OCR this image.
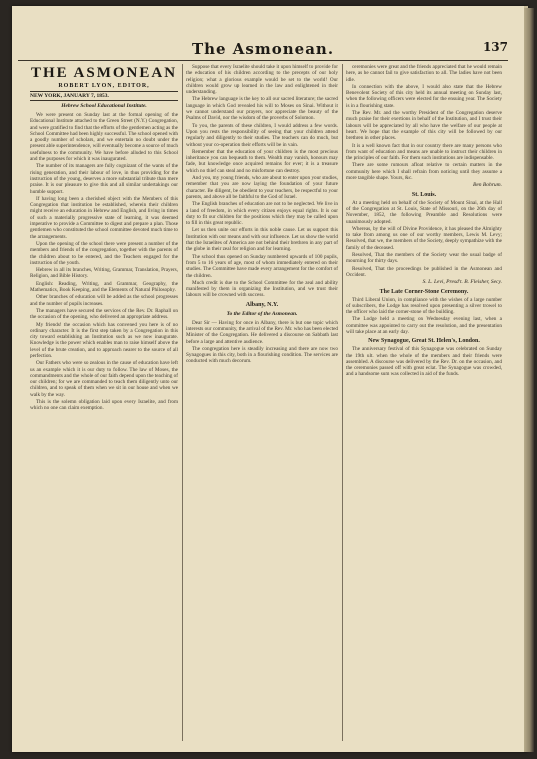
The Asmonean.	137
THE ASMONEAN
ROBERT LYON, EDITOR,
NEW YORK, JANUARY 7, 1853.
Hebrew School Educational Institute.

We were present on Sunday last at the formal opening of the Educational Institute attached to the Green Street (N.Y.) Congregation, and were gratified to find that the efforts of the gentlemen acting as the School Committee had been highly successful. The school opened with a goodly number of scholars, and we entertain no doubt under the present able superintendence, will eventually become a source of much usefulness to the community. We have before alluded to this School and the purposes for which it was inaugurated.

The number of its managers are fully cognizant of the wants of the rising generation, and their labour of love, in thus providing for the instruction of the young, deserves a more substantial tribute than mere praise. It is our pleasure to give this and all similar undertakings our humble support.

If having long been a cherished object with the Members of this Congregation that institution be established, wherein their children might receive an education in Hebrew and English, and living in times of such a materially progressive state of learning, it was deemed imperative to provide a Committee to digest and prepare a plan. Those gentlemen who constituted the school committee devoted much time to the arrangements.

Upon the opening of the school there were present a number of the members and friends of the congregation, together with the parents of the children about to be entered, and the Teachers engaged for the instruction of the youth.

Hebrew in all its branches, Writing, Grammar, Translation, Prayers, Religion, and Bible History.

English: Reading, Writing, and Grammar, Geography, the Mathematics, Book Keeping, and the Elements of Natural Philosophy.

Other branches of education will be added as the school progresses and the number of pupils increases.

The managers have secured the services of the Rev. Dr. Raphall on the occasion of the opening, who delivered an appropriate address.

My friends! the occasion which has convened you here is of no ordinary character. It is the first step taken by a Congregation in this city toward establishing an Institution such as we now inaugurate. Knowledge is the power which enables man to raise himself above the level of the brute creation, and to approach nearer to the source of all perfection.

Our Fathers who were so zealous in the cause of education have left us an example which it is our duty to follow. The law of Moses, the commandments and the whole of our faith depend upon the teaching of our children; for we are commanded to teach them diligently unto our children, and to speak of them when we sit in our house and when we walk by the way.

This is the solemn obligation laid upon every Israelite, and from which no one can claim exemption.

Suppose that every Israelite should take it upon himself to provide for the education of his children according to the precepts of our holy religion; what a glorious example would be set to the world! Our children would grow up learned in the law and enlightened in their understanding.

The Hebrew language is the key to all our sacred literature; the sacred language in which God revealed his will to Moses on Sinai. Without it we cannot understand our prayers, nor appreciate the beauty of the Psalms of David, nor the wisdom of the proverbs of Solomon.

To you, the parents of these children, I would address a few words. Upon you rests the responsibility of seeing that your children attend regularly and diligently to their studies. The teachers can do much, but without your co-operation their efforts will be in vain.

Remember that the education of your children is the most precious inheritance you can bequeath to them. Wealth may vanish, honours may fade, but knowledge once acquired remains for ever; it is a treasure which no thief can steal and no misfortune can destroy.

And you, my young friends, who are about to enter upon your studies, remember that you are now laying the foundation of your future character. Be diligent, be obedient to your teachers, be respectful to your parents, and above all be faithful to the God of Israel.

The English branches of education are not to be neglected. We live in a land of freedom, in which every citizen enjoys equal rights. It is our duty to fit our children for the positions which they may be called upon to fill in this great republic.

Let us then unite our efforts in this noble cause. Let us support this Institution with our means and with our influence. Let us show the world that the Israelites of America are not behind their brethren in any part of the globe in their zeal for religion and for learning.

The school thus opened on Sunday numbered upwards of 100 pupils, from 5 to 16 years of age, most of whom immediately entered on their studies. The Committee have made every arrangement for the comfort of the children.

Much credit is due to the School Committee for the zeal and ability manifested by them in organizing the Institution, and we trust their labours will be crowned with success.

Albany, N.Y.
To the Editor of the Asmonean.

Dear Sir — Having for once in Albany, there is but one topic which interests our community, the arrival of the Rev. Mr. who has been elected Minister of the Congregation. He delivered a discourse on Sabbath last before a large and attentive audience.

The congregation here is steadily increasing and there are now two Synagogues in this city, both in a flourishing condition. The services are conducted with much decorum.

ceremonies were great and the friends appreciated that he would remain here, as he cannot fail to give satisfaction to all. The ladies have not been idle.

In connection with the above, I would also state that the Hebrew Benevolent Society of this city held its annual meeting on Sunday last, when the following officers were elected for the ensuing year. The Society is in a flourishing state.

The Rev. Mr. and the worthy President of the Congregation deserve much praise for their exertions in behalf of the Institution, and I trust their labours will be appreciated by all who have the welfare of our people at heart. We hope that the example of this city will be followed by our brethren in other places.

It is a well known fact that in our country there are many persons who from want of education and means are unable to instruct their children in the principles of our faith. For them such institutions are indispensable.

There are some rumours afloat relative to certain matters in the community here which I shall refrain from noticing until they assume a more tangible shape. Yours, &c.

Ben Bohrum.
St. Louis.

At a meeting held on behalf of the Society of Mount Sinai, at the Hall of the Congregation at St. Louis, State of Missouri, on the 26th day of November, 1852, the following Preamble and Resolutions were unanimously adopted.

Whereas, by the will of Divine Providence, it has pleased the Almighty to take from among us one of our worthy members, Lewis M. Levy; Resolved, that we, the members of the Society, deeply sympathize with the family of the deceased.

Resolved, That the members of the Society wear the usual badge of mourning for thirty days.

Resolved, That the proceedings be published in the Asmonean and Occident.

S. L. Levi, Presd't. B. Fleisher, Secy.
The Late Corner-Stone Ceremony.

Third Liberal Union, in compliance with the wishes of a large number of subscribers, the Lodge has resolved upon presenting a silver trowel to the officer who laid the corner-stone of the building.

The Lodge held a meeting on Wednesday evening last, when a committee was appointed to carry out the resolution, and the presentation will take place at an early day.

New Synagogue, Great St. Helen's, London.

The anniversary festival of this Synagogue was celebrated on Sunday the 19th ult. when the whole of the members and their friends were assembled. A discourse was delivered by the Rev. Dr. on the occasion, and the ceremonies passed off with great eclat. The Synagogue was crowded, and a handsome sum was collected in aid of the funds.
